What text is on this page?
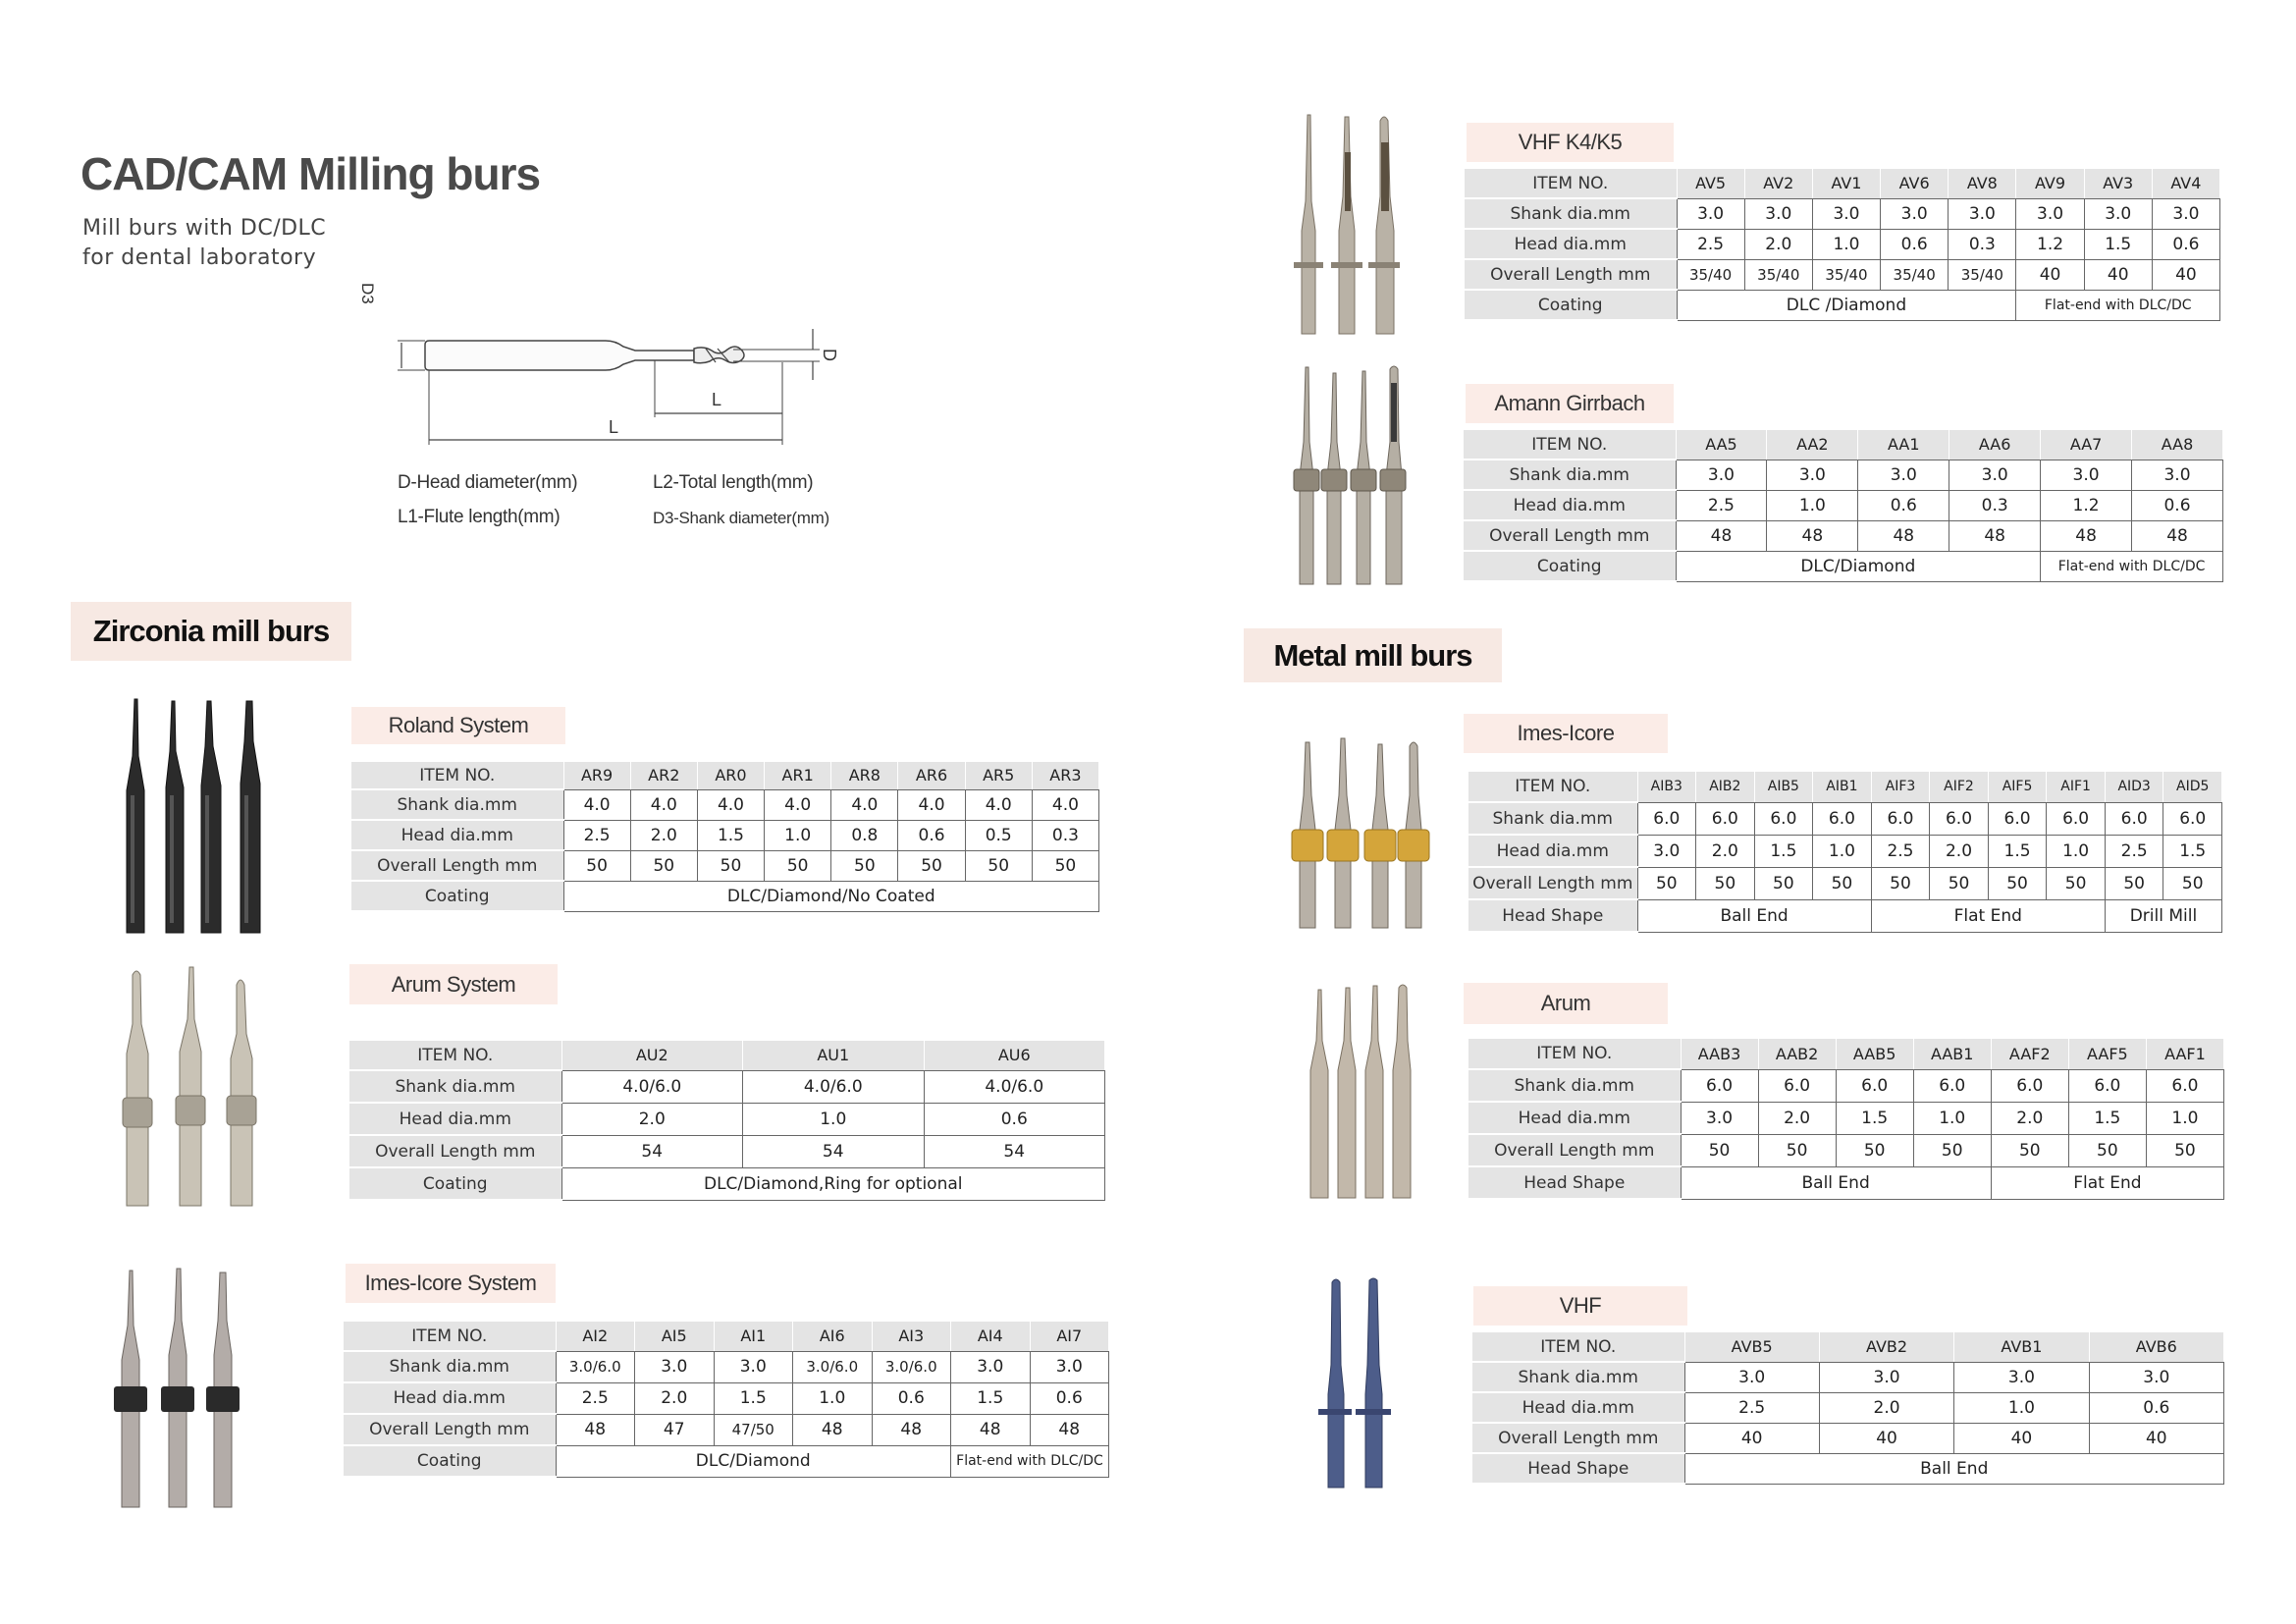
CAD/CAM Milling burs
Mill burs with DC/DLC
for dental laboratory
D3
D
L
L
D-Head diameter(mm)	L2-Total length(mm)
L1-Flute length(mm)	D3-Shank diameter(mm)
Zirconia mill burs
Metal mill burs
Roland System
Arum System
Imes-Icore System
VHF K4/K5
Amann Girrbach
Imes-Icore
Arum
VHF
ITEM NO.	AR9	AR2	AR0	AR1	AR8	AR6	AR5	AR3
Shank dia.mm	4.0	4.0	4.0	4.0	4.0	4.0	4.0	4.0
Head dia.mm	2.5	2.0	1.5	1.0	0.8	0.6	0.5	0.3
Overall Length mm	50	50	50	50	50	50	50	50
Coating	DLC/Diamond/No Coated							
ITEM NO.	AU2	AU1	AU6
Shank dia.mm	4.0/6.0	4.0/6.0	4.0/6.0
Head dia.mm	2.0	1.0	0.6
Overall Length mm	54	54	54
Coating	DLC/Diamond,Ring for optional		
ITEM NO.	AI2	AI5	AI1	AI6	AI3	AI4	AI7
Shank dia.mm	3.0/6.0	3.0	3.0	3.0/6.0	3.0/6.0	3.0	3.0
Head dia.mm	2.5	2.0	1.5	1.0	0.6	1.5	0.6
Overall Length mm	48	47	47/50	48	48	48	48
Coating	DLC/Diamond					Flat-end with DLC/DC	
ITEM NO.	AV5	AV2	AV1	AV6	AV8	AV9	AV3	AV4
Shank dia.mm	3.0	3.0	3.0	3.0	3.0	3.0	3.0	3.0
Head dia.mm	2.5	2.0	1.0	0.6	0.3	1.2	1.5	0.6
Overall Length mm	35/40	35/40	35/40	35/40	35/40	40	40	40
Coating	DLC /Diamond					Flat-end with DLC/DC		
ITEM NO.	AA5	AA2	AA1	AA6	AA7	AA8
Shank dia.mm	3.0	3.0	3.0	3.0	3.0	3.0
Head dia.mm	2.5	1.0	0.6	0.3	1.2	0.6
Overall Length mm	48	48	48	48	48	48
Coating	DLC/Diamond				Flat-end with DLC/DC	
ITEM NO.	AIB3	AIB2	AIB5	AIB1	AIF3	AIF2	AIF5	AIF1	AID3	AID5
Shank dia.mm	6.0	6.0	6.0	6.0	6.0	6.0	6.0	6.0	6.0	6.0
Head dia.mm	3.0	2.0	1.5	1.0	2.5	2.0	1.5	1.0	2.5	1.5
Overall Length mm	50	50	50	50	50	50	50	50	50	50
Head Shape	Ball End				Flat End				Drill Mill	
ITEM NO.	AAB3	AAB2	AAB5	AAB1	AAF2	AAF5	AAF1
Shank dia.mm	6.0	6.0	6.0	6.0	6.0	6.0	6.0
Head dia.mm	3.0	2.0	1.5	1.0	2.0	1.5	1.0
Overall Length mm	50	50	50	50	50	50	50
Head Shape	Ball End				Flat End		
ITEM NO.	AVB5	AVB2	AVB1	AVB6
Shank dia.mm	3.0	3.0	3.0	3.0
Head dia.mm	2.5	2.0	1.0	0.6
Overall Length mm	40	40	40	40
Head Shape	Ball End			
